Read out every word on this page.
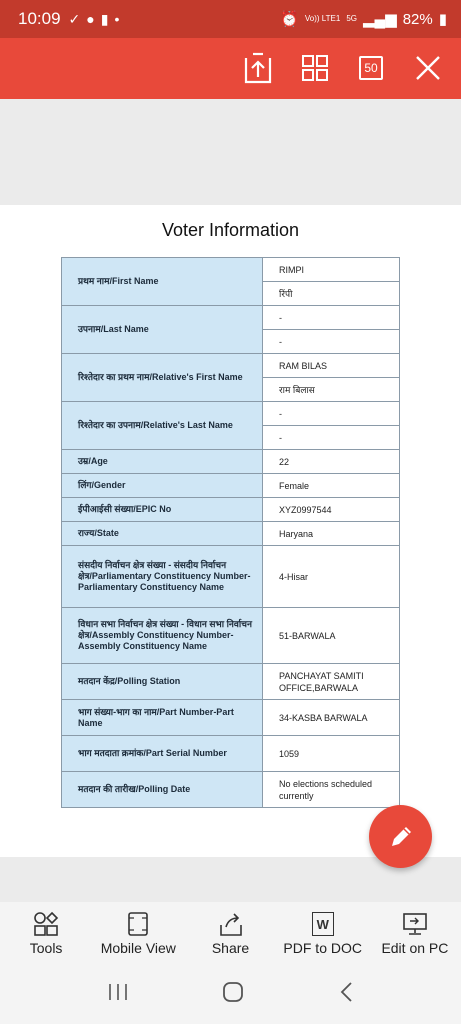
10:09 ✓ ● ▮ •	⏰ Vo)) LTE1 5G ▂▄▆ 82% ▮
50
Voter Information
प्रथम नाम/First Name	RIMPI
	रिंपी
उपनाम/Last Name	-
	-
रिश्तेदार का प्रथम नाम/Relative's First Name	RAM BILAS
	राम बिलास
रिश्तेदार का उपनाम/Relative's Last Name	-
	-
उम्र/Age	22
लिंग/Gender	Female
ईपीआईसी संख्या/EPIC No	XYZ0997544
राज्य/State	Haryana
संसदीय निर्वाचन क्षेत्र संख्या - संसदीय निर्वाचन क्षेत्र/Parliamentary Constituency Number-Parliamentary Constituency Name	4-Hisar
विधान सभा निर्वाचन क्षेत्र संख्या - विधान सभा निर्वाचन क्षेत्र/Assembly Constituency Number-Assembly Constituency Name	51-BARWALA
मतदान केंद्र/Polling Station	PANCHAYAT SAMITI OFFICE,BARWALA
भाग संख्या-भाग का नाम/Part Number-Part Name	34-KASBA BARWALA
भाग मतदाता क्रमांक/Part Serial Number	1059
मतदान की तारीख/Polling Date	No elections scheduled currently
Tools	Mobile View	Share
W
PDF to DOC Edit on PC
